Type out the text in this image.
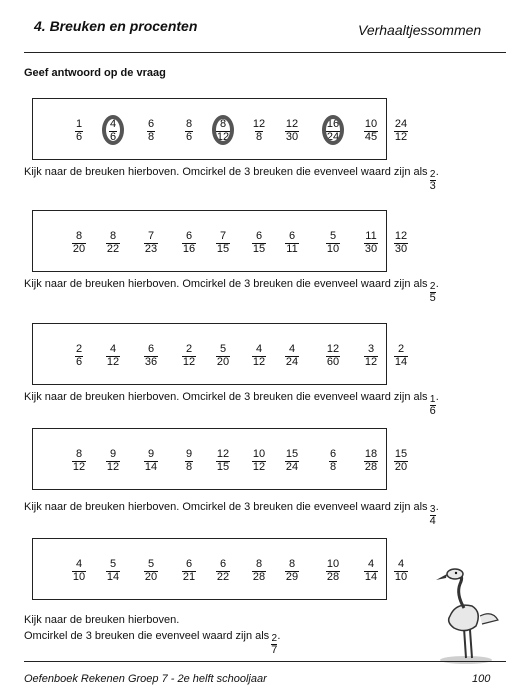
4. Breuken en procenten	Verhaaltjessommen
Geef antwoord op de vraag
$\frac{1}{6} \frac{4}{6} \frac{6}{8} \frac{8}{6} \frac{8}{12} \frac{12}{8} \frac{12}{30} \frac{16}{24} \frac{10}{45} \frac{24}{12}$
Kijk naar de breuken hierboven. Omcirkel de 3 breuken die evenveel waard zijn als $\frac{2}{3}$ .
$\frac{8}{20} \frac{8}{22} \frac{7}{23} \frac{6}{16} \frac{7}{15} \frac{6}{15} \frac{6}{11} \frac{5}{10} \frac{11}{30} \frac{12}{30}$
Kijk naar de breuken hierboven. Omcirkel de 3 breuken die evenveel waard zijn als $\frac{2}{5}$ .
$\frac{2}{6} \frac{4}{12} \frac{6}{36} \frac{2}{12} \frac{5}{20} \frac{4}{12} \frac{4}{24} \frac{12}{60} \frac{3}{12} \frac{2}{14}$
Kijk naar de breuken hierboven. Omcirkel de 3 breuken die evenveel waard zijn als $\frac{1}{6}$ .
$\frac{8}{12} \frac{9}{12} \frac{9}{14} \frac{9}{8} \frac{12}{15} \frac{10}{12} \frac{15}{24} \frac{6}{8} \frac{18}{28} \frac{15}{20}$
Kijk naar de breuken hierboven. Omcirkel de 3 breuken die evenveel waard zijn als $\frac{3}{4}$ .
$\frac{4}{10} \frac{5}{14} \frac{5}{20} \frac{6}{21} \frac{6}{22} \frac{8}{28} \frac{8}{29} \frac{10}{28} \frac{4}{14} \frac{4}{10}$
Kijk naar de breuken hierboven.
Omcirkel de 3 breuken die evenveel waard zijn als $\frac{2}{7}$ .
Oefenboek Rekenen Groep 7 - 2e helft schooljaar	100
